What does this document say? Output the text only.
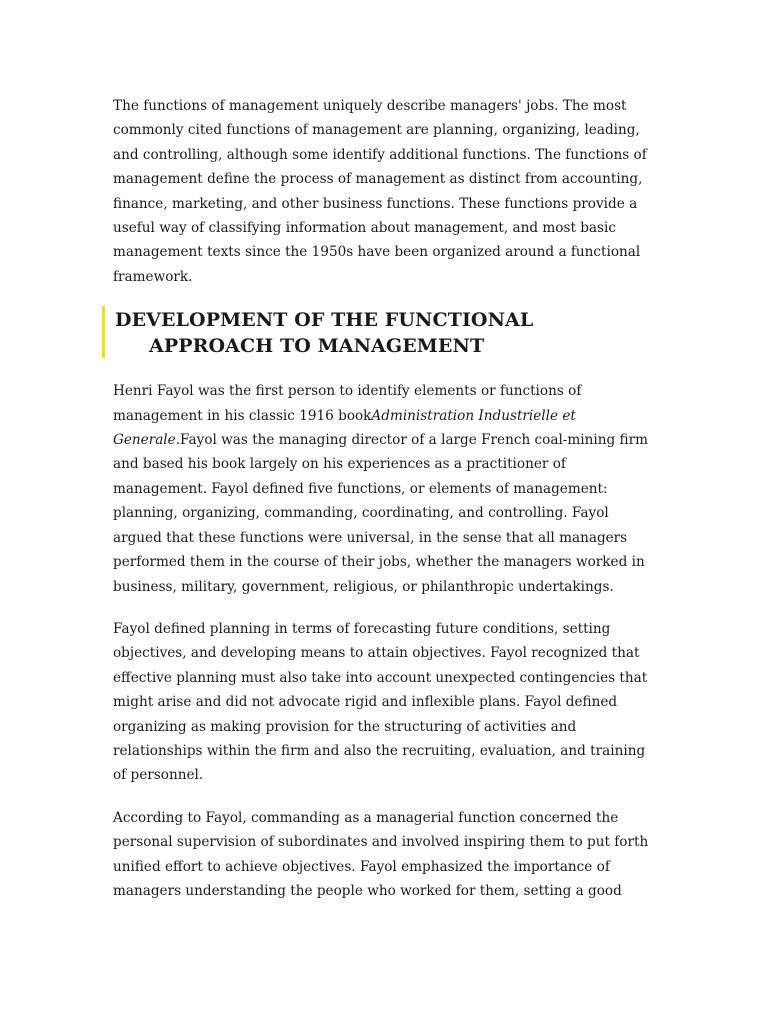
The functions of management uniquely describe managers' jobs. The most commonly cited functions of management are planning, organizing, leading, and controlling, although some identify additional functions. The functions of management define the process of management as distinct from accounting, finance, marketing, and other business functions. These functions provide a useful way of classifying information about management, and most basic management texts since the 1950s have been organized around a functional framework.

DEVELOPMENT OF THE FUNCTIONAL
APPROACH TO MANAGEMENT

Henri Fayol was the first person to identify elements or functions of management in his classic 1916 bookAdministration Industrielle et Generale.Fayol was the managing director of a large French coal-mining firm and based his book largely on his experiences as a practitioner of management. Fayol defined five functions, or elements of management: planning, organizing, commanding, coordinating, and controlling. Fayol argued that these functions were universal, in the sense that all managers performed them in the course of their jobs, whether the managers worked in business, military, government, religious, or philanthropic undertakings.

Fayol defined planning in terms of forecasting future conditions, setting objectives, and developing means to attain objectives. Fayol recognized that effective planning must also take into account unexpected contingencies that might arise and did not advocate rigid and inflexible plans. Fayol defined organizing as making provision for the structuring of activities and relationships within the firm and also the recruiting, evaluation, and training of personnel.

According to Fayol, commanding as a managerial function concerned the personal supervision of subordinates and involved inspiring them to put forth unified effort to achieve objectives. Fayol emphasized the importance of managers understanding the people who worked for them, setting a good
